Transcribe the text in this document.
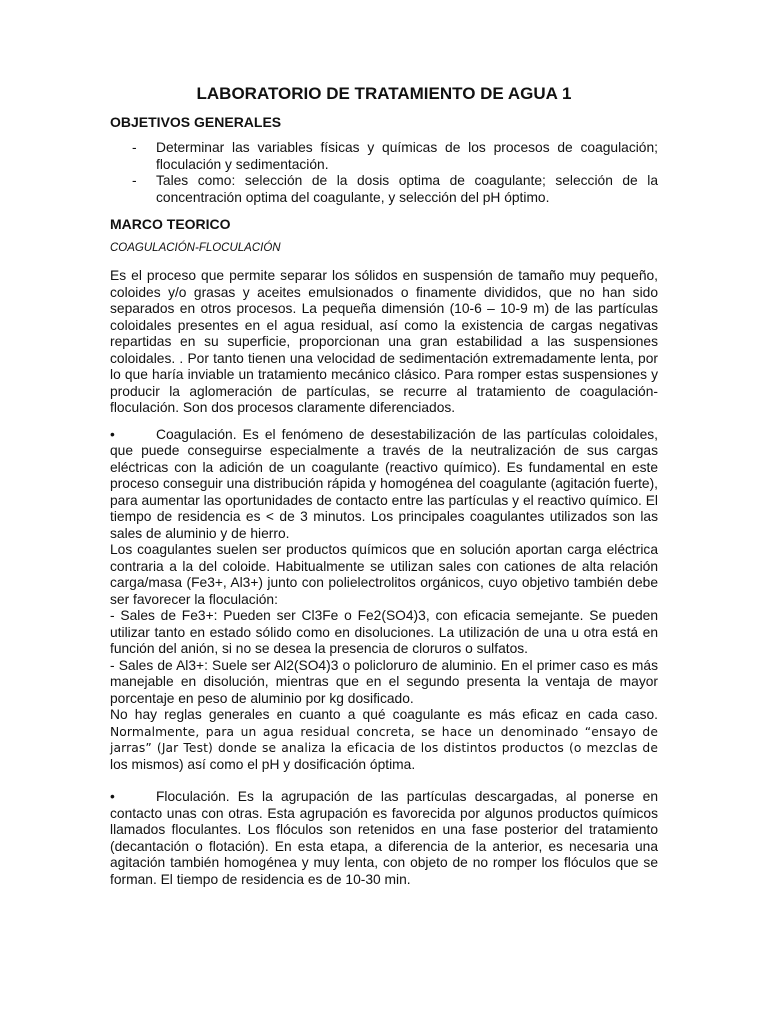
LABORATORIO DE TRATAMIENTO DE AGUA 1
OBJETIVOS GENERALES
- Determinar las variables físicas y químicas de los procesos de coagulación; floculación y sedimentación.
- Tales como: selección de la dosis optima de coagulante; selección de la concentración optima del coagulante, y selección del pH óptimo.
MARCO TEORICO
COAGULACIÓN-FLOCULACIÓN

Es el proceso que permite separar los sólidos en suspensión de tamaño muy pequeño, coloides y/o grasas y aceites emulsionados o finamente divididos, que no han sido separados en otros procesos. La pequeña dimensión (10-6 – 10-9 m) de las partículas coloidales presentes en el agua residual, así como la existencia de cargas negativas repartidas en su superficie, proporcionan una gran estabilidad a las suspensiones coloidales. . Por tanto tienen una velocidad de sedimentación extremadamente lenta, por lo que haría inviable un tratamiento mecánico clásico. Para romper estas suspensiones y producir la aglomeración de partículas, se recurre al tratamiento de coagulación-floculación. Son dos procesos claramente diferenciados.

•	Coagulación. Es el fenómeno de desestabilización de las partículas coloidales, que puede conseguirse especialmente a través de la neutralización de sus cargas eléctricas con la adición de un coagulante (reactivo químico). Es fundamental en este proceso conseguir una distribución rápida y homogénea del coagulante (agitación fuerte), para aumentar las oportunidades de contacto entre las partículas y el reactivo químico. El tiempo de residencia es < de 3 minutos. Los principales coagulantes utilizados son las sales de aluminio y de hierro.

Los coagulantes suelen ser productos químicos que en solución aportan carga eléctrica contraria a la del coloide. Habitualmente se utilizan sales con cationes de alta relación carga/masa (Fe3+, Al3+) junto con polielectrolitos orgánicos, cuyo objetivo también debe ser favorecer la floculación:

- Sales de Fe3+: Pueden ser Cl3Fe o Fe2(SO4)3, con eficacia semejante. Se pueden utilizar tanto en estado sólido como en disoluciones. La utilización de una u otra está en función del anión, si no se desea la presencia de cloruros o sulfatos.

- Sales de Al3+: Suele ser Al2(SO4)3 o policloruro de aluminio. En el primer caso es más manejable en disolución, mientras que en el segundo presenta la ventaja de mayor porcentaje en peso de aluminio por kg dosificado.

No hay reglas generales en cuanto a qué coagulante es más eficaz en cada caso. Normalmente, para un agua residual concreta, se hace un denominado “ensayo de jarras” (Jar Test) donde se analiza la eficacia de los distintos productos (o mezclas de los mismos) así como el pH y dosificación óptima.

•	Floculación. Es la agrupación de las partículas descargadas, al ponerse en contacto unas con otras. Esta agrupación es favorecida por algunos productos químicos llamados floculantes. Los flóculos son retenidos en una fase posterior del tratamiento (decantación o flotación). En esta etapa, a diferencia de la anterior, es necesaria una agitación también homogénea y muy lenta, con objeto de no romper los flóculos que se forman. El tiempo de residencia es de 10-30 min.
